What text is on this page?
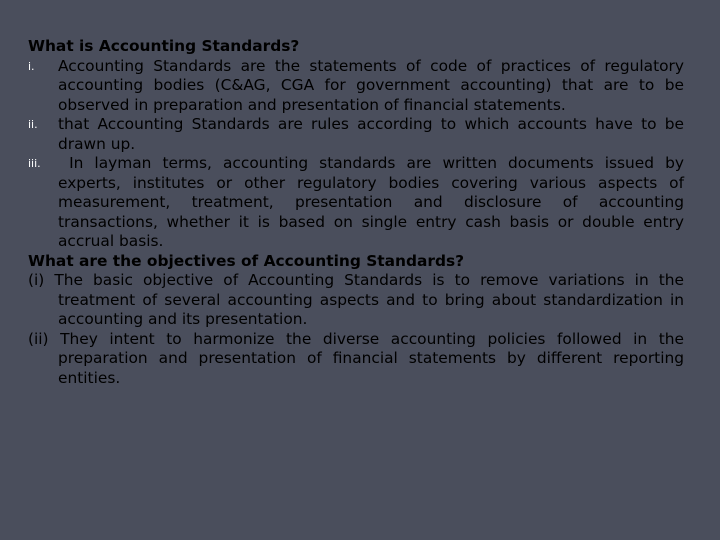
What is Accounting Standards?

i. Accounting Standards are the statements of code of practices of regulatory accounting bodies (C&AG, CGA for government accounting) that are to be observed in preparation and presentation of financial statements.

ii. that Accounting Standards are rules according to which accounts have to be drawn up.

iii. In layman terms, accounting standards are written documents issued by experts, institutes or other regulatory bodies covering various aspects of measurement, treatment, presentation and disclosure of accounting transactions, whether it is based on single entry cash basis or double entry accrual basis.

What are the objectives of Accounting Standards?

(i) The basic objective of Accounting Standards is to remove variations in the treatment of several accounting aspects and to bring about standardization in accounting and its presentation.

(ii) They intent to harmonize the diverse accounting policies followed in the preparation and presentation of financial statements by different reporting entities.
